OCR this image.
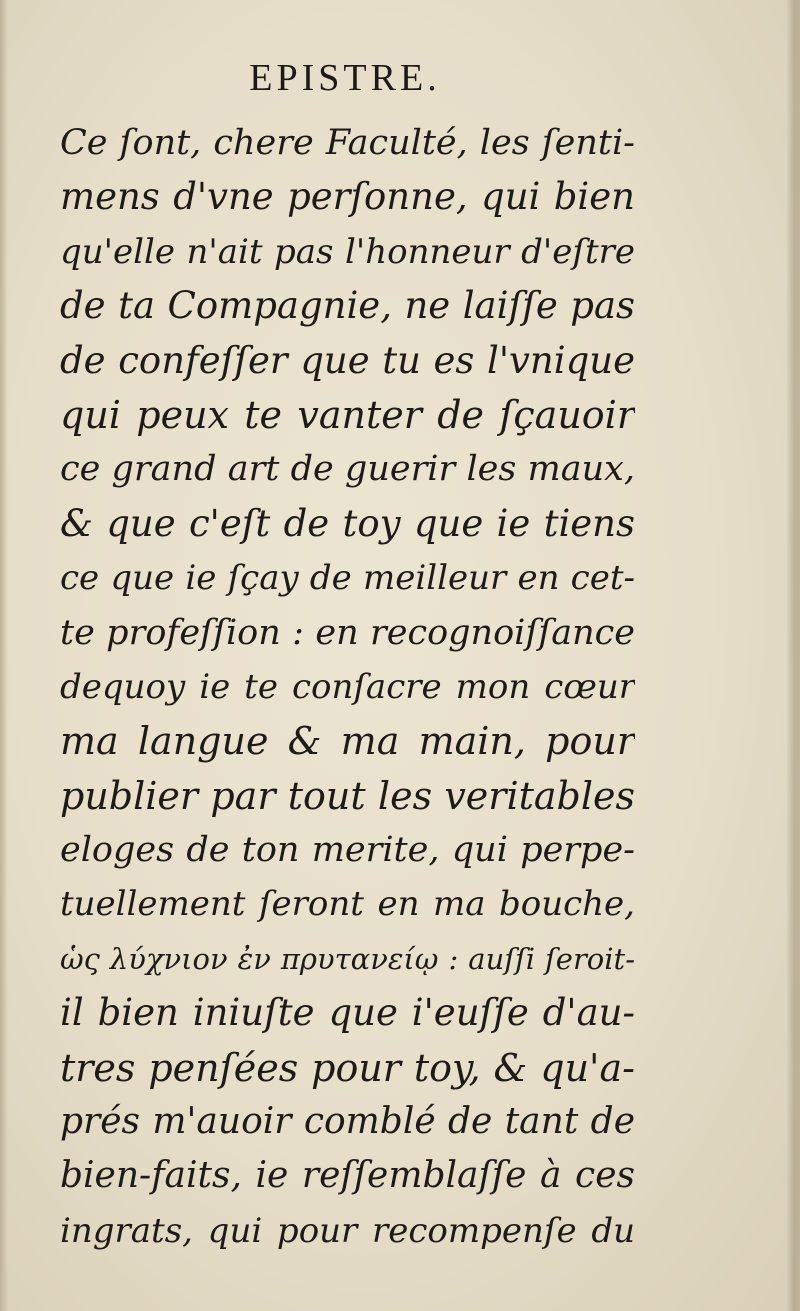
EPISTRE.
Ce ſont, chere Faculté, les ſenti-
mens d'vne perſonne, qui bien
qu'elle n'ait pas l'honneur d'eſtre
de ta Compagnie, ne laiſſe pas
de confeſſer que tu es l'vnique
qui peux te vanter de ſçauoir
ce grand art de guerir les maux,
& que c'eſt de toy que ie tiens
ce que ie ſçay de meilleur en cet-
te profeſſion : en recognoiſſance
dequoy ie te conſacre mon cœur
ma langue & ma main, pour
publier par tout les veritables
eloges de ton merite, qui perpe-
tuellement ſeront en ma bouche,
ὡς λύχνιον ἐν πρυτανείῳ : auſſi ſeroit-
il bien iniuſte que i'euſſe d'au-
tres penſées pour toy, & qu'a-
prés m'auoir comblé de tant de
bien-faits, ie reſſemblaſſe à ces
ingrats, qui pour recompenſe du
